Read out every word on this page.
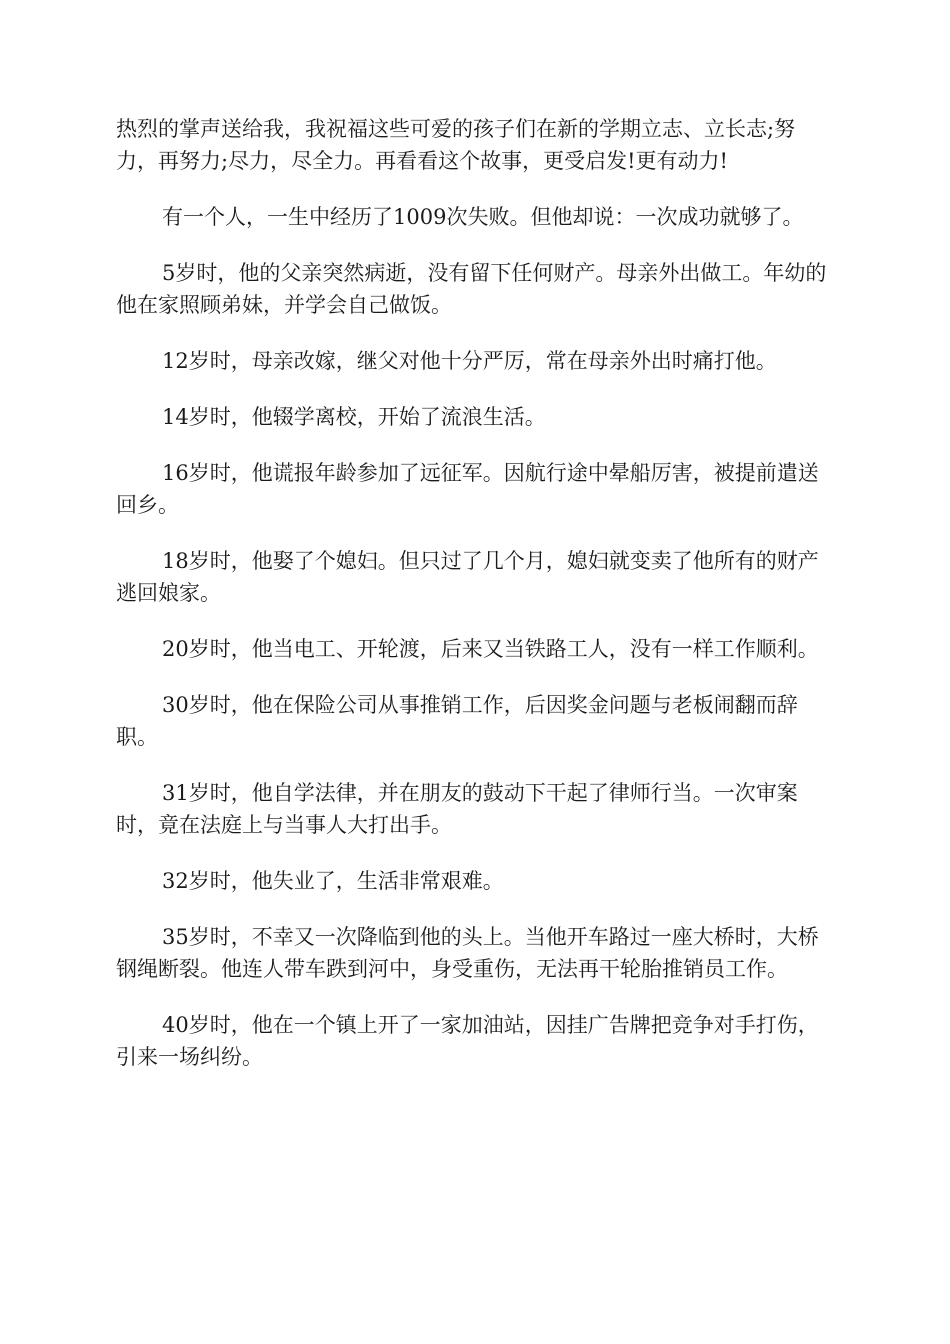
热烈的掌声送给我，我祝福这些可爱的孩子们在新的学期立志、立长志;努力，再努力;尽力，尽全力。再看看这个故事，更受启发!更有动力!

有一个人，一生中经历了1009次失败。但他却说：一次成功就够了。

5岁时，他的父亲突然病逝，没有留下任何财产。母亲外出做工。年幼的他在家照顾弟妹，并学会自己做饭。

12岁时，母亲改嫁，继父对他十分严厉，常在母亲外出时痛打他。

14岁时，他辍学离校，开始了流浪生活。

16岁时，他谎报年龄参加了远征军。因航行途中晕船厉害，被提前遣送回乡。

18岁时，他娶了个媳妇。但只过了几个月，媳妇就变卖了他所有的财产逃回娘家。

20岁时，他当电工、开轮渡，后来又当铁路工人，没有一样工作顺利。

30岁时，他在保险公司从事推销工作，后因奖金问题与老板闹翻而辞职。

31岁时，他自学法律，并在朋友的鼓动下干起了律师行当。一次审案时，竟在法庭上与当事人大打出手。

32岁时，他失业了，生活非常艰难。

35岁时，不幸又一次降临到他的头上。当他开车路过一座大桥时，大桥钢绳断裂。他连人带车跌到河中，身受重伤，无法再干轮胎推销员工作。

40岁时，他在一个镇上开了一家加油站，因挂广告牌把竞争对手打伤，引来一场纠纷。
